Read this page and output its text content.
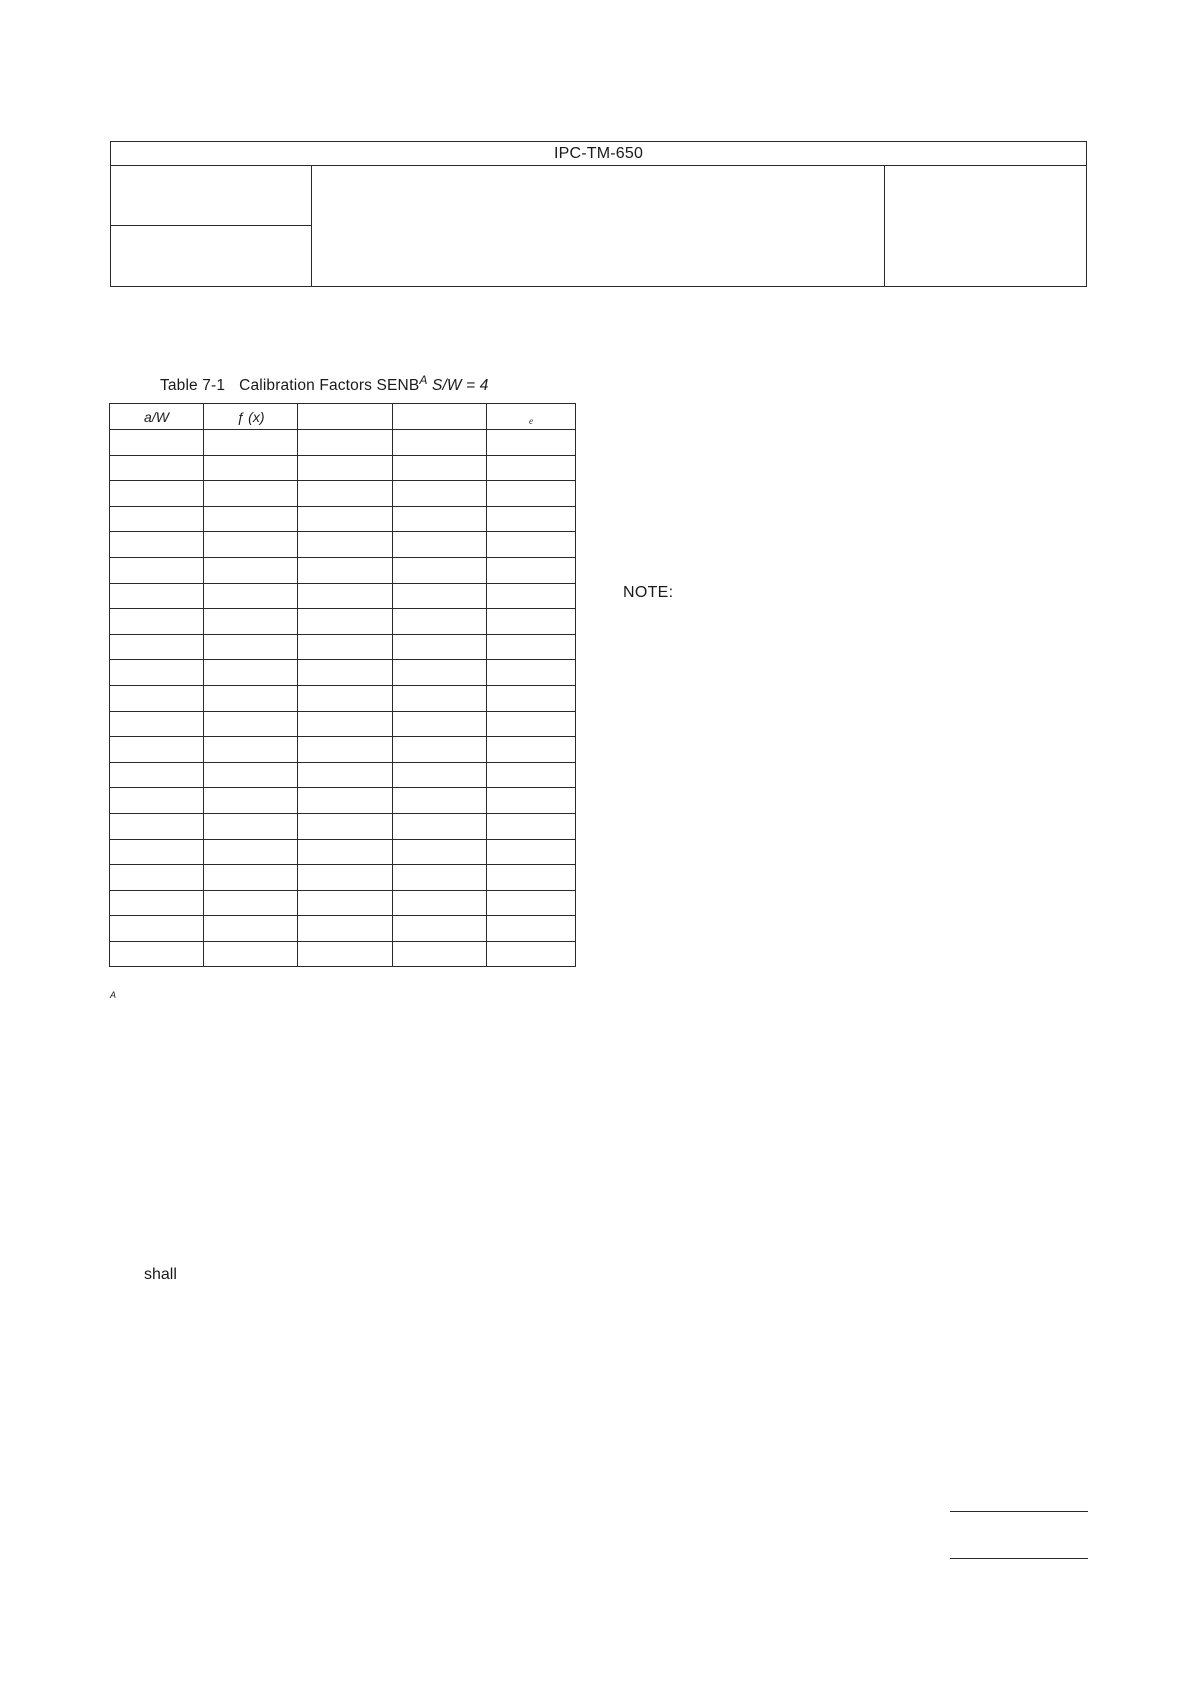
IPC-TM-650
Table 7-1 Calibration Factors $SENB^A$ S/W = 4
a/W	ƒ (x)			e

A
NOTE:
shall
